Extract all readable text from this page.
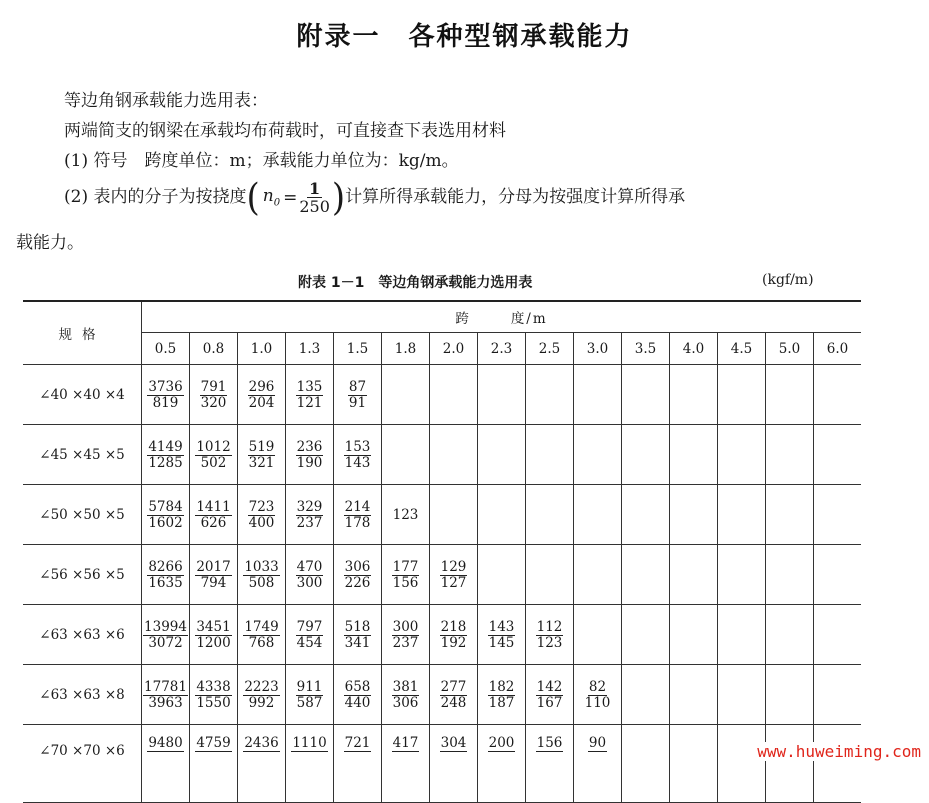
附录一 各种型钢承载能力
等边角钢承载能力选用表：
两端简支的钢梁在承载均布荷载时，可直接查下表选用材料
(1) 符号　跨度单位：m；承载能力单位为：kg/m。
(2) 表内的分子为按挠度 ( $n_0 = \frac{1}{250}$ ) 计算所得承载能力，分母为按强度计算所得承
载能力。
附表 1－1　等边角钢承载能力选用表	(kgf/m)
规格	跨 度/m														
	0.5	0.8	1.0	1.3	1.5	1.8	2.0	2.3	2.5	3.0	3.5	4.0	4.5	5.0	6.0
∠40 ×40 ×4	$\frac{3736}{819}$	$\frac{791}{320}$	$\frac{296}{204}$	$\frac{135}{121}$	$\frac{87}{91}$

∠45 ×45 ×5	$\frac{4149}{1285}$	$\frac{1012}{502}$	$\frac{519}{321}$	$\frac{236}{190}$	$\frac{153}{143}$

∠50 ×50 ×5	$\frac{5784}{1602}$	$\frac{1411}{626}$	$\frac{723}{400}$	$\frac{329}{237}$	$\frac{214}{178}$	123									
∠56 ×56 ×5	$\frac{8266}{1635}$	$\frac{2017}{794}$	$\frac{1033}{508}$	$\frac{470}{300}$	$\frac{306}{226}$	$\frac{177}{156}$	$\frac{129}{127}$

∠63 ×63 ×6	$\frac{13994}{3072}$	$\frac{3451}{1200}$	$\frac{1749}{768}$	$\frac{797}{454}$	$\frac{518}{341}$	$\frac{300}{237}$	$\frac{218}{192}$	$\frac{143}{145}$	$\frac{112}{123}$

∠63 ×63 ×8	$\frac{17781}{3963}$	$\frac{4338}{1550}$	$\frac{2223}{992}$	$\frac{911}{587}$	$\frac{658}{440}$	$\frac{381}{306}$	$\frac{277}{248}$	$\frac{182}{187}$	$\frac{142}{167}$	$\frac{82}{110}$

∠70 ×70 ×6	9480	4759	2436	1110	721	417	304	200	156	90					
						www.huweiming.com
